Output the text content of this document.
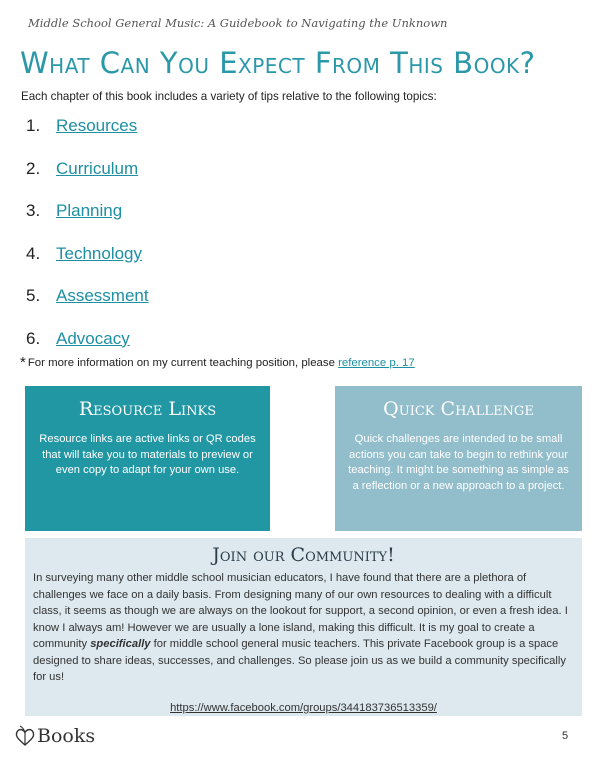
Middle School General Music: A Guidebook to Navigating the Unknown
What Can You Expect From This Book?

Each chapter of this book includes a variety of tips relative to the following topics:

1. Resources
2. Curriculum
3. Planning
4. Technology
5. Assessment
6. Advocacy

* For more information on my current teaching position, please reference p. 17

Resource Links
Resource links are active links or QR codes that will take you to materials to preview or even copy to adapt for your own use.
Quick Challenge
Quick challenges are intended to be small actions you can take to begin to rethink your teaching. It might be something as simple as a reflection or a new approach to a project.
Join our Community!

In surveying many other middle school musician educators, I have found that there are a plethora of challenges we face on a daily basis. From designing many of our own resources to dealing with a difficult class, it seems as though we are always on the lookout for support, a second opinion, or even a fresh idea. I know I always am! However we are usually a lone island, making this difficult. It is my goal to create a community specifically for middle school general music teachers. This private Facebook group is a space designed to share ideas, successes, and challenges. So please join us as we build a community specifically for us!

https://www.facebook.com/groups/344183736513359/
Books	5
